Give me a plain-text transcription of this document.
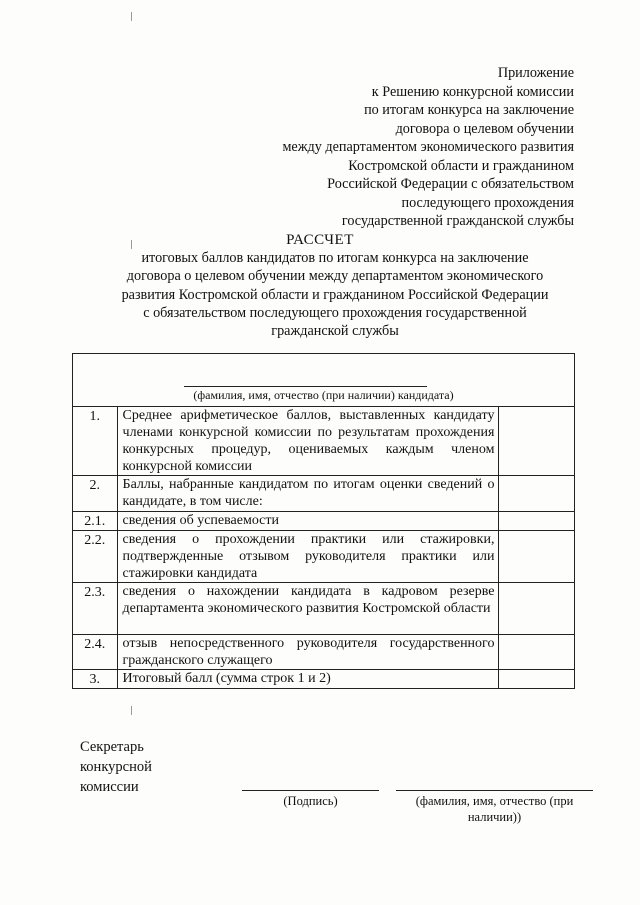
Приложение
к Решению конкурсной комиссии
по итогам конкурса на заключение
договора о целевом обучении
между департаментом экономического развития
Костромской области и гражданином
Российской Федерации с обязательством
последующего прохождения
государственной гражданской службы
РАССЧЕТ
итоговых баллов кандидатов по итогам конкурса на заключение
договора о целевом обучении между департаментом экономического
развития Костромской области и гражданином Российской Федерации
с обязательством последующего прохождения государственной
гражданской службы
(фамилия, имя, отчество (при наличии) кандидата)		

1.	Среднее арифметическое баллов, выставленных кандидату членами конкурсной комиссии по результатам прохождения конкурсных процедур, оцениваемых каждым членом конкурсной комиссии	
2.	Баллы, набранные кандидатом по итогам оценки сведений о кандидате, в том числе:	
2.1.	сведения об успеваемости	
2.2.	сведения о прохождении практики или стажировки, подтвержденные отзывом руководителя практики или стажировки кандидата	
2.3.	сведения о нахождении кандидата в кадровом резерве департамента экономического развития Костромской области	
2.4.	отзыв непосредственного руководителя государственного гражданского служащего	
3.	Итоговый балл (сумма строк 1 и 2)	
Секретарь
конкурсной
комиссии
(Подпись)	(фамилия, имя, отчество (при
наличии))
